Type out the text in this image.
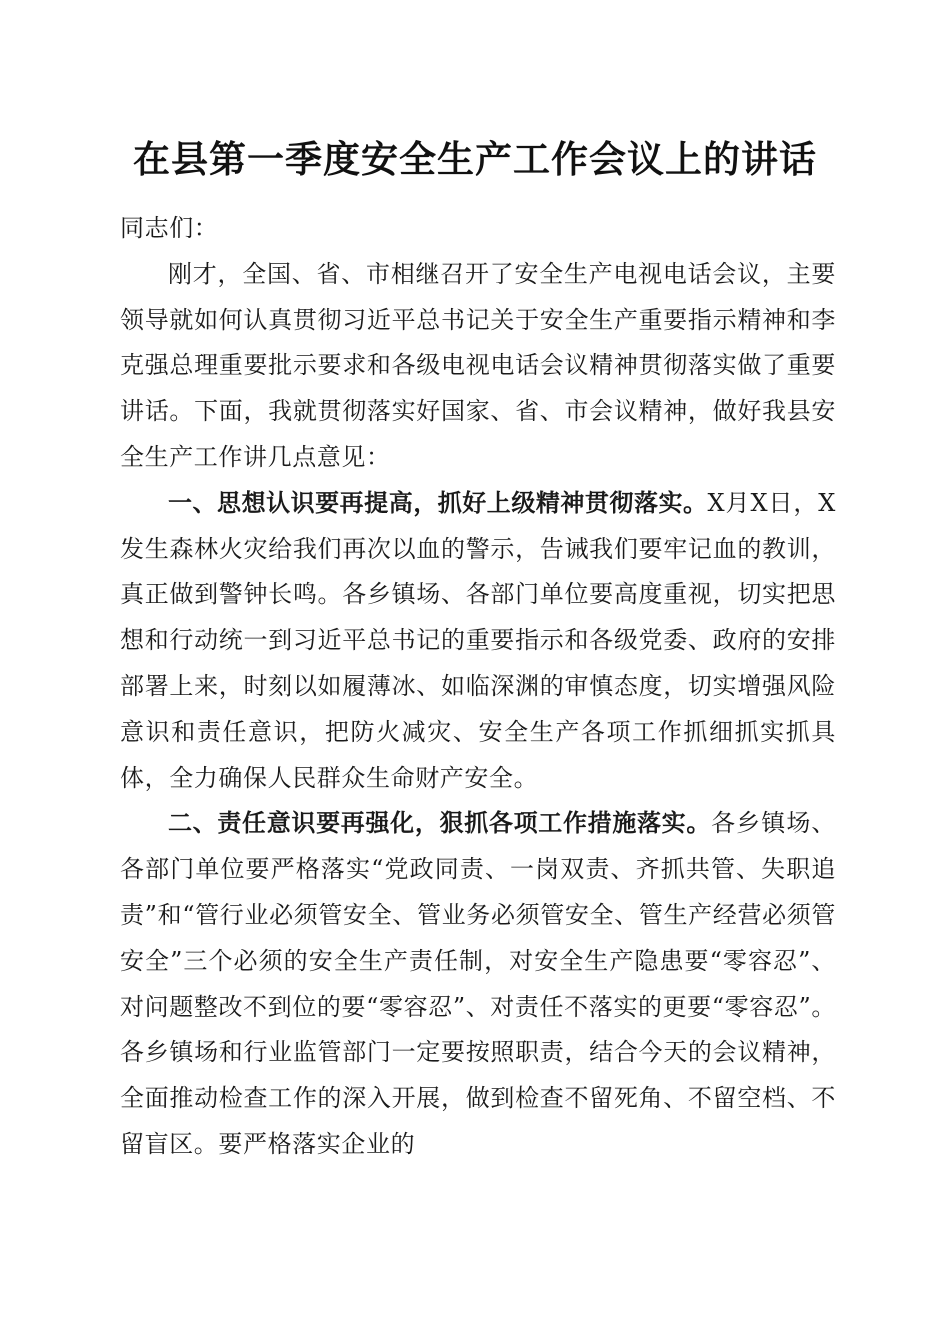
在县第一季度安全生产工作会议上的讲话

同志们：

刚才，全国、省、市相继召开了安全生产电视电话会议，主要领导就如何认真贯彻习近平总书记关于安全生产重要指示精神和李克强总理重要批示要求和各级电视电话会议精神贯彻落实做了重要讲话。下面，我就贯彻落实好国家、省、市会议精神，做好我县安全生产工作讲几点意见：

一、思想认识要再提高，抓好上级精神贯彻落实。X月X日，X发生森林火灾给我们再次以血的警示，告诫我们要牢记血的教训，真正做到警钟长鸣。各乡镇场、各部门单位要高度重视，切实把思想和行动统一到习近平总书记的重要指示和各级党委、政府的安排部署上来，时刻以如履薄冰、如临深渊的审慎态度，切实增强风险意识和责任意识，把防火减灾、安全生产各项工作抓细抓实抓具体，全力确保人民群众生命财产安全。

二、责任意识要再强化，狠抓各项工作措施落实。各乡镇场、各部门单位要严格落实“党政同责、一岗双责、齐抓共管、失职追责”和“管行业必须管安全、管业务必须管安全、管生产经营必须管安全”三个必须的安全生产责任制，对安全生产隐患要“零容忍”、对问题整改不到位的要“零容忍”、对责任不落实的更要“零容忍”。各乡镇场和行业监管部门一定要按照职责，结合今天的会议精神，全面推动检查工作的深入开展，做到检查不留死角、不留空档、不留盲区。要严格落实企业的
